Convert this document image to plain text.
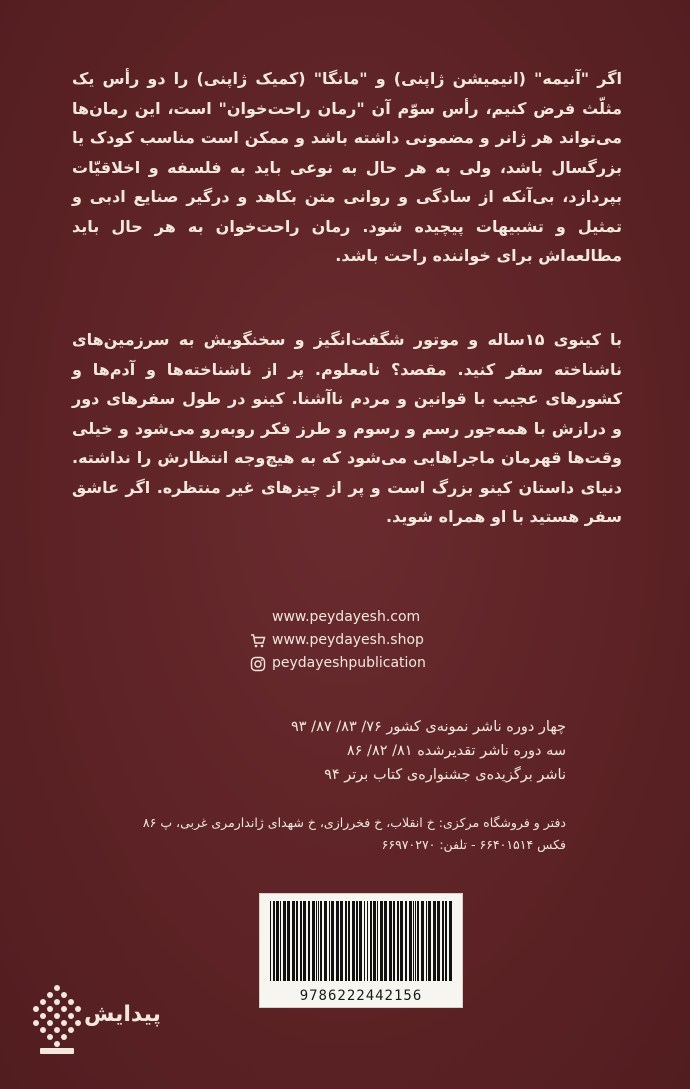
اگر "آنیمه" (انیمیشن ژاپنی) و "مانگا" (کمیک ژاپنی) را دو رأس یک مثلّث فرض کنیم، رأس سوّم آن "رمان راحت‌خوان" است، این رمان‌ها می‌تواند هر ژانر و مضمونی داشته باشد و ممکن است مناسب کودک یا بزرگسال باشد، ولی به هر حال به نوعی باید به فلسفه و اخلاقیّات بپردازد، بی‌آنکه از سادگی و روانی متن بکاهد و درگیر صنایع ادبی و تمثیل و تشبیهات پیچیده شود. رمان راحت‌خوان به هر حال باید مطالعه‌اش برای خواننده راحت باشد.

با کینوی ۱۵ساله و موتور شگفت‌انگیز و سخنگویش به سرزمین‌های ناشناخته سفر کنید. مقصد؟ نامعلوم. پر از ناشناخته‌ها و آدم‌ها و کشورهای عجیب با قوانین و مردم ناآشنا. کینو در طول سفرهای دور و درازش با همه‌جور رسم و رسوم و طرز فکر روبه‌رو می‌شود و خیلی وقت‌ها قهرمان ماجراهایی می‌شود که به هیچ‌وجه انتظارش را نداشته. دنیای داستان کینو بزرگ است و پر از چیزهای غیر منتظره. اگر عاشق سفر هستید با او همراه شوید.

www.peydayesh.com
www.peydayesh.shop
peydayeshpublication
چهار دوره ناشر نمونه‌ی کشور ۷۶/ ۸۳/ ۸۷/ ۹۳
سه دوره ناشر تقدیرشده ۸۱/ ۸۲/ ۸۶
ناشر برگزیده‌ی جشنواره‌ی کتاب برتر ۹۴
دفتر و فروشگاه مرکزی: خ انقلاب، خ فخررازی، خ شهدای ژاندارمری غربی، پ ۸۶
فکس ۶۶۴۰۱۵۱۴ - تلفن: ۶۶۹۷۰۲۷۰
9786222442156
پیدایش
